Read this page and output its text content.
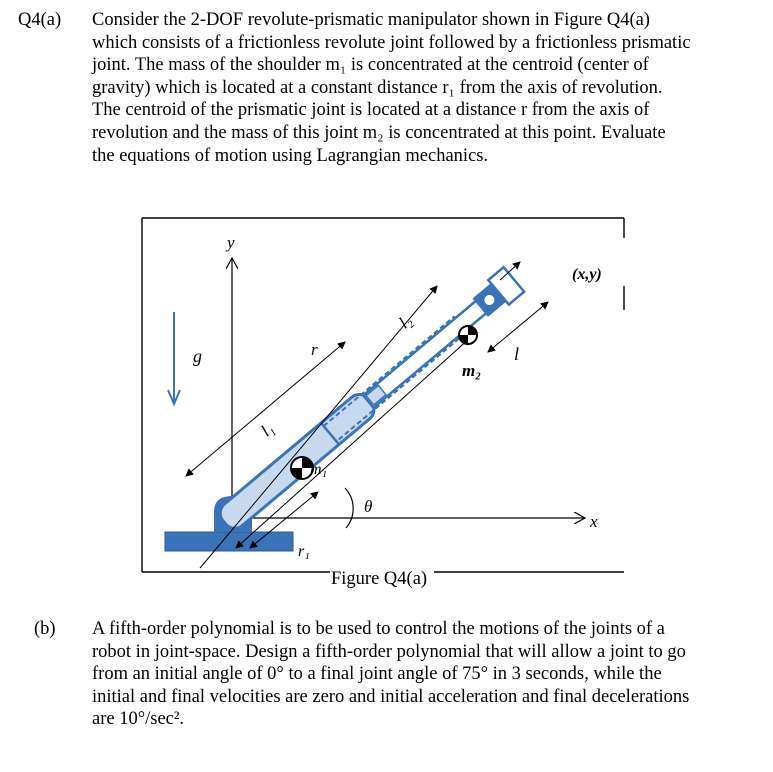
Q4(a) Consider the 2-DOF revolute-prismatic manipulator shown in Figure Q4(a)
which consists of a frictionless revolute joint followed by a frictionless prismatic
joint. The mass of the shoulder m₁ is concentrated at the centroid (center of
gravity) which is located at a constant distance r₁ from the axis of revolution.
The centroid of the prismatic joint is located at a distance r from the axis of
revolution and the mass of this joint m₂ is concentrated at this point. Evaluate
the equations of motion using Lagrangian mechanics.
y
x
g	r
l₁
l₂
l
m₁
m₂
θ
r₁
(x,y)
Figure Q4(a)
(b) A fifth-order polynomial is to be used to control the motions of the joints of a
robot in joint-space. Design a fifth-order polynomial that will allow a joint to go
from an initial angle of 0° to a final joint angle of 75° in 3 seconds, while the
initial and final velocities are zero and initial acceleration and final decelerations
are 10°/sec².
